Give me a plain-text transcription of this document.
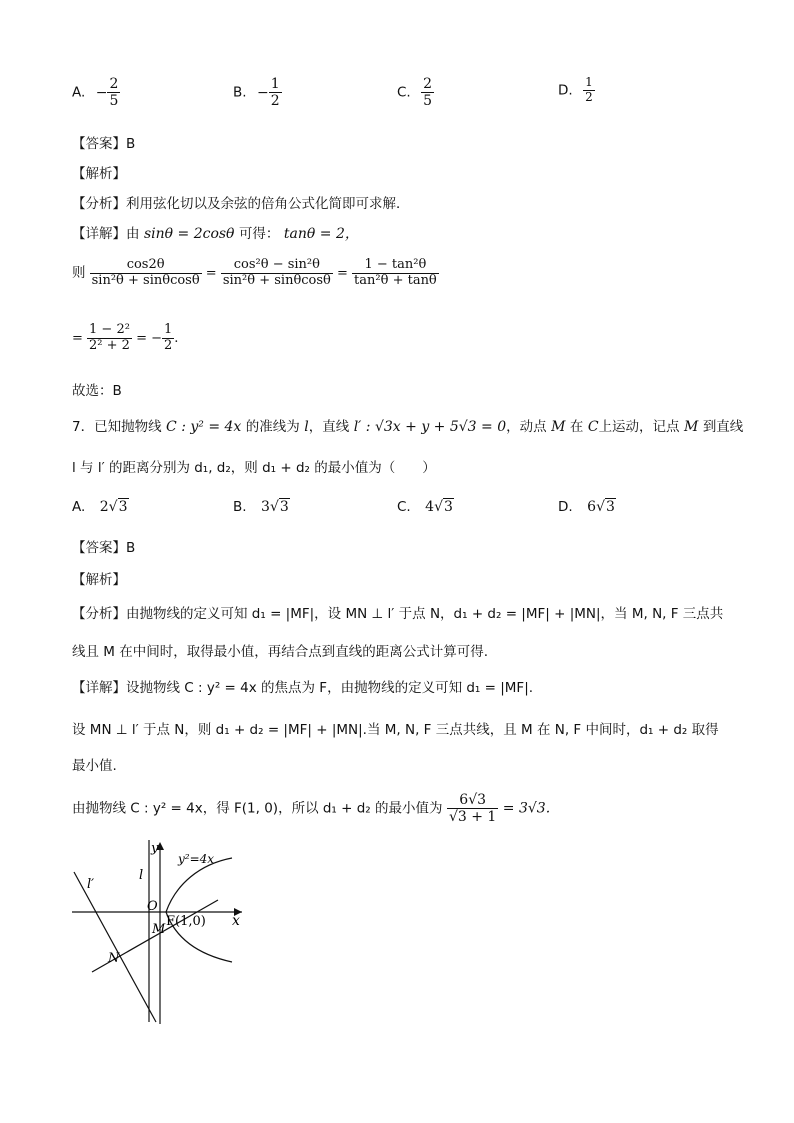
A. − $\frac{2}{5}$	B. − $\frac{1}{2}$	C. $\frac{2}{5}$	D. $\frac{1}{2}$
【答案】B
【解析】
【分析】利用弦化切以及余弦的倍角公式化简即可求解．
【详解】由 sinθ = 2cosθ 可得： tanθ = 2，
则 $\frac{\cos 2\theta}{\text{sin²θ + sinθcosθ}} = \frac{\text{cos²θ − sin²θ}}{\text{sin²θ + sinθcosθ}} = \frac{\text{1 − tan²θ}}{\text{tan²θ + tanθ}}$
= $\frac{\text{1 − 2²}}{\text{2² + 2}}$ = − $\frac{1}{2}$ .
故选：B
7．已知抛物线 C : y² = 4x 的准线为 l，直线 l′ : √3x + y + 5√3 = 0，动点 M 在 C上运动，记点 M 到直线
l 与 l′ 的距离分别为 d₁, d₂，则 d₁ + d₂ 的最小值为（　　）
A. 2√3	B. 3√3	C. 4√3	D. 6√3
【答案】B
【解析】
【分析】由抛物线的定义可知 d₁ = |MF|，设 MN ⊥ l′ 于点 N，d₁ + d₂ = |MF| + |MN|，当 M, N, F 三点共
线且 M 在中间时，取得最小值，再结合点到直线的距离公式计算可得.
【详解】设抛物线 C : y² = 4x 的焦点为 F，由抛物线的定义可知 d₁ = |MF|.
设 MN ⊥ l′ 于点 N，则 d₁ + d₂ = |MF| + |MN|.当 M, N, F 三点共线，且 M 在 N, F 中间时，d₁ + d₂ 取得
最小值.
由抛物线 C : y² = 4x，得 F(1, 0)，所以 d₁ + d₂ 的最小值为 $\frac{6√3}{√3 + 1} = 3√3$.
y
x
y²=4x
l
l′
O
M
F(1,0)
N
